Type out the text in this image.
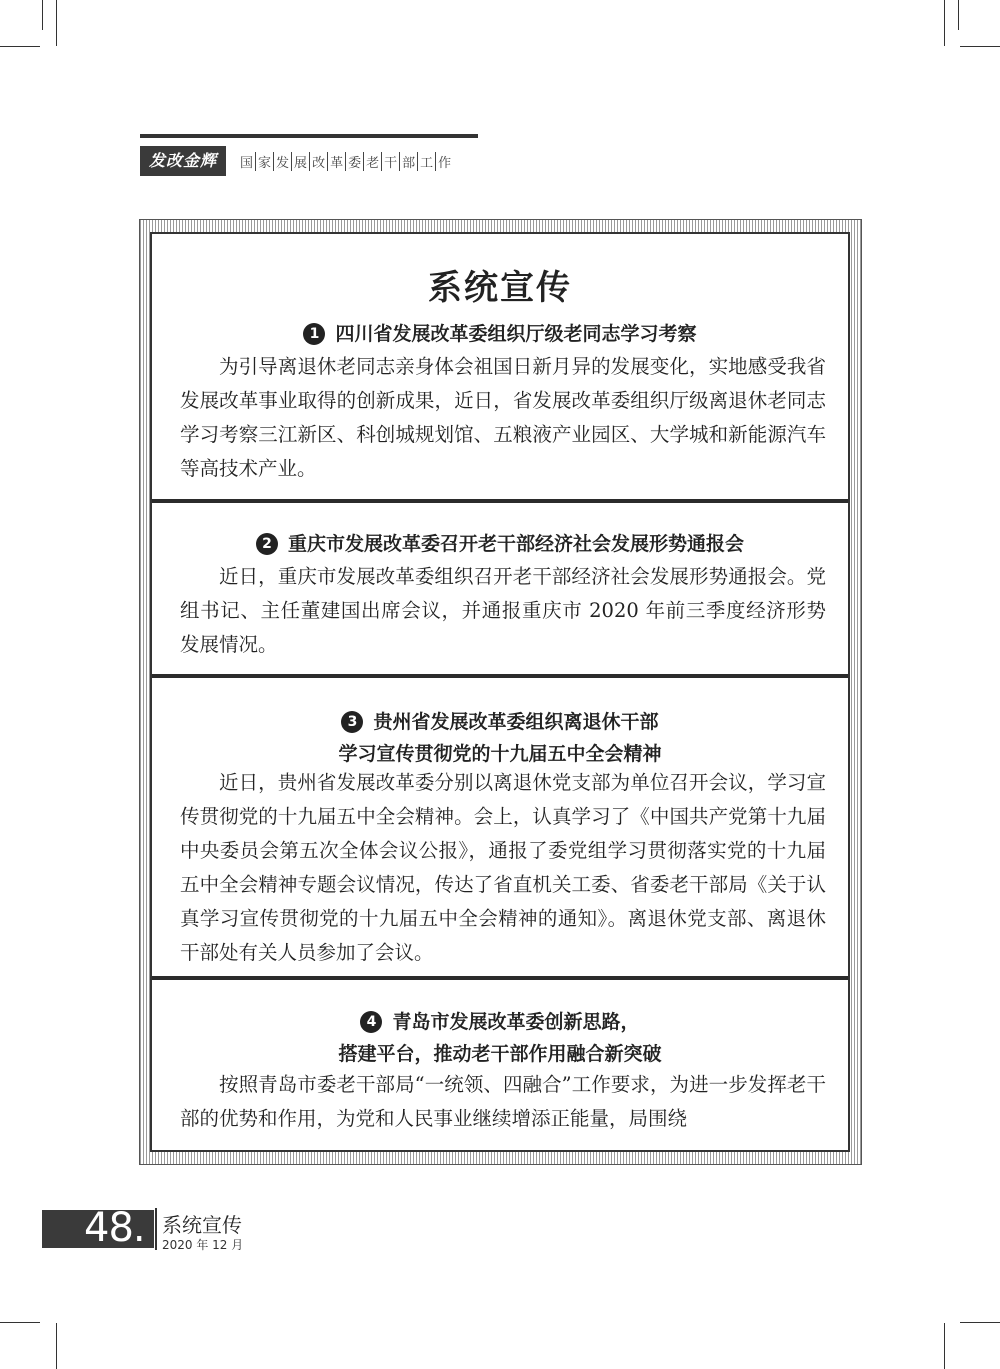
发改金辉	国 家 发 展 改 革 委 老 干 部 工 作
系统宣传
1 四川省发展改革委组织厅级老同志学习考察

为引导离退休老同志亲身体会祖国日新月异的发展变化，实地感受我省发展改革事业取得的创新成果，近日，省发展改革委组织厅级离退休老同志学习考察三江新区、科创城规划馆、五粮液产业园区、大学城和新能源汽车等高技术产业。

2 重庆市发展改革委召开老干部经济社会发展形势通报会

近日，重庆市发展改革委组织召开老干部经济社会发展形势通报会。党组书记、主任董建国出席会议，并通报重庆市 2020 年前三季度经济形势发展情况。

3 贵州省发展改革委组织离退休干部
学习宣传贯彻党的十九届五中全会精神

近日，贵州省发展改革委分别以离退休党支部为单位召开会议，学习宣传贯彻党的十九届五中全会精神。会上，认真学习了《中国共产党第十九届中央委员会第五次全体会议公报》，通报了委党组学习贯彻落实党的十九届五中全会精神专题会议情况，传达了省直机关工委、省委老干部局《关于认真学习宣传贯彻党的十九届五中全会精神的通知》。离退休党支部、离退休干部处有关人员参加了会议。

4 青岛市发展改革委创新思路，
搭建平台，推动老干部作用融合新突破

按照青岛市委老干部局“一统领、四融合”工作要求，为进一步发挥老干部的优势和作用，为党和人民事业继续增添正能量，局围绕

48. 系统宣传
2020 年 12 月
